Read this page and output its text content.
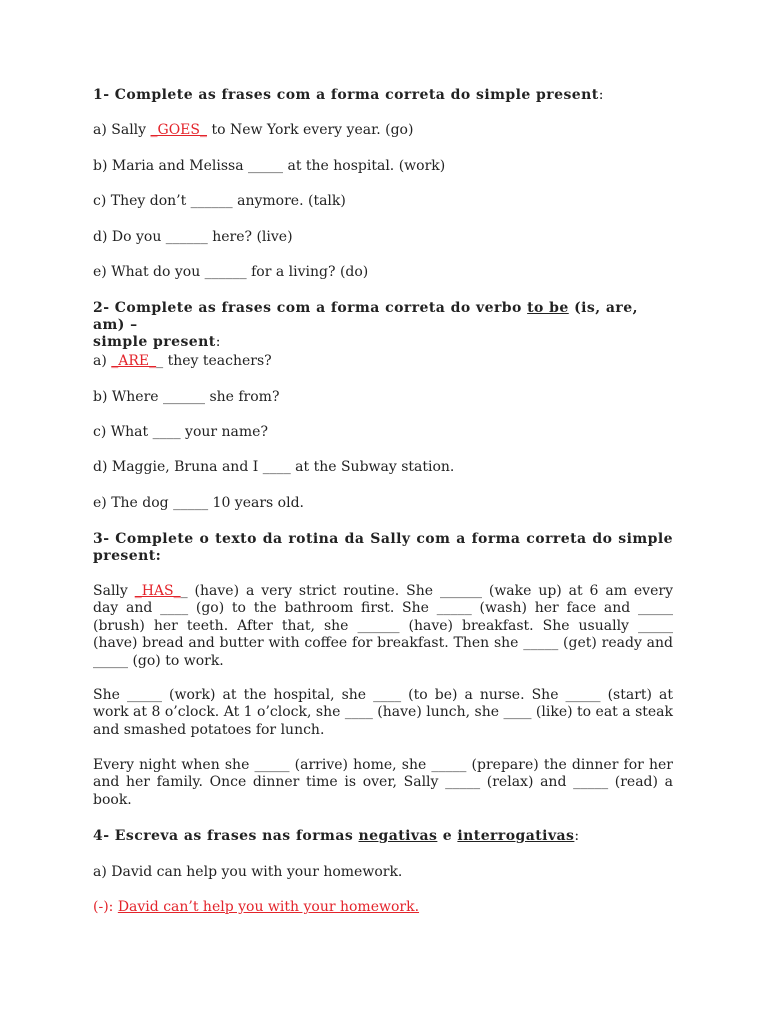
1- Complete as frases com a forma correta do simple present:
a) Sally _GOES_ to New York every year. (go)
b) Maria and Melissa _____ at the hospital. (work)
c) They don’t ______ anymore. (talk)
d) Do you ______ here? (live)
e) What do you ______ for a living? (do)
2- Complete as frases com a forma correta do verbo to be (is, are, am) –
simple present:
a) _ARE__ they teachers?
b) Where ______ she from?
c) What ____ your name?
d) Maggie, Bruna and I ____ at the Subway station.
e) The dog _____ 10 years old.
3- Complete o texto da rotina da Sally com a forma correta do simple
present:
Sally _HAS__ (have) a very strict routine. She ______ (wake up) at 6 am every
day and ____ (go) to the bathroom first. She _____ (wash) her face and _____
(brush) her teeth. After that, she ______ (have) breakfast. She usually _____
(have) bread and butter with coffee for breakfast. Then she _____ (get) ready and
_____ (go) to work.
She _____ (work) at the hospital, she ____ (to be) a nurse. She _____ (start) at
work at 8 o’clock. At 1 o’clock, she ____ (have) lunch, she ____ (like) to eat a steak
and smashed potatoes for lunch.
Every night when she _____ (arrive) home, she _____ (prepare) the dinner for her
and her family. Once dinner time is over, Sally _____ (relax) and _____ (read) a
book.
4- Escreva as frases nas formas negativas e interrogativas:
a) David can help you with your homework.
(-): David can’t help you with your homework.
